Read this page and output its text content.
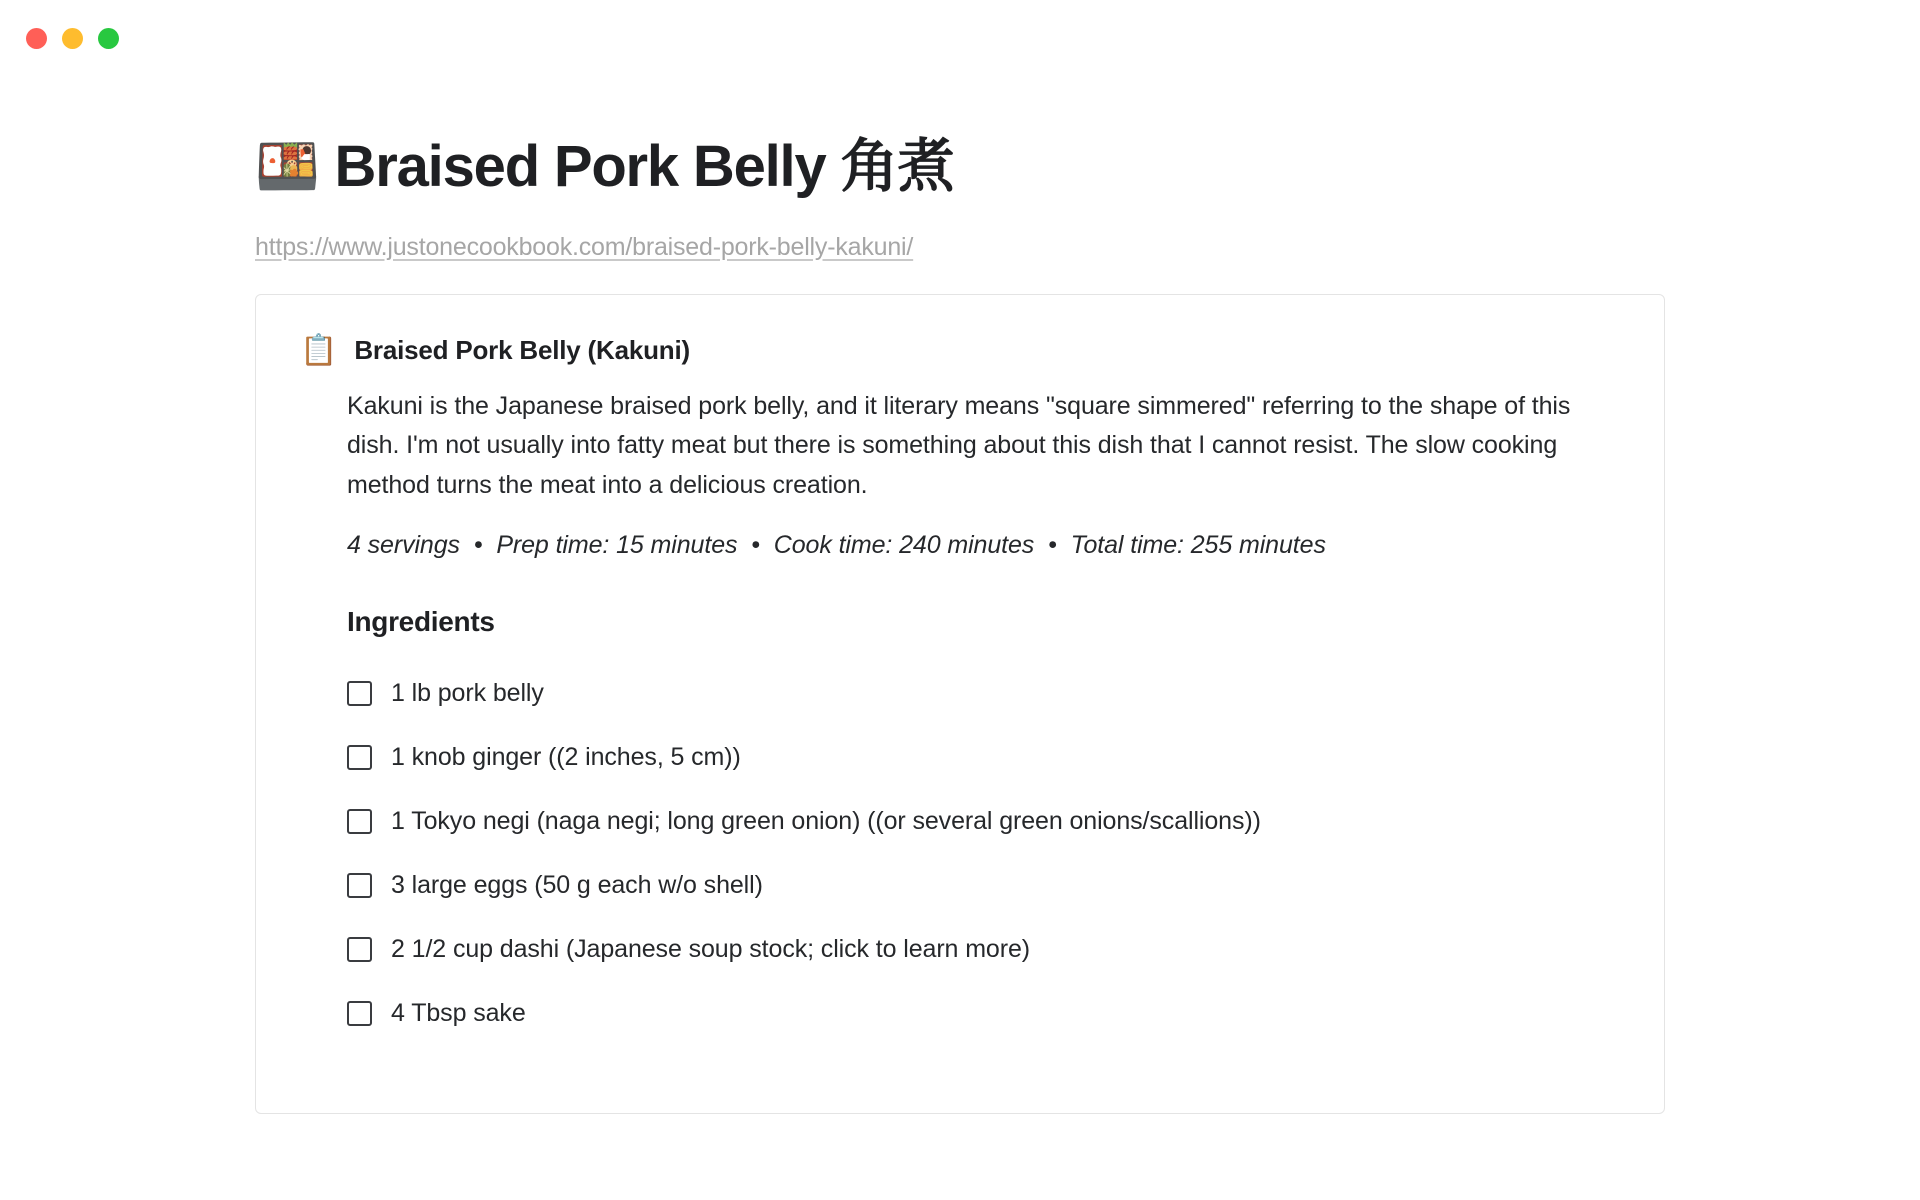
🍱 Braised Pork Belly 角煮
https://www.justonecookbook.com/braised-pork-belly-kakuni/
📋 Braised Pork Belly (Kakuni)

Kakuni is the Japanese braised pork belly, and it literary means "square simmered" referring to the shape of this dish. I'm not usually into fatty meat but there is something about this dish that I cannot resist. The slow cooking method turns the meat into a delicious creation.

4 servings • Prep time: 15 minutes • Cook time: 240 minutes • Total time: 255 minutes

Ingredients
1 lb pork belly
1 knob ginger ((2 inches, 5 cm))
1 Tokyo negi (naga negi; long green onion) ((or several green onions/scallions))
3 large eggs (50 g each w/o shell)
2 1/2 cup dashi (Japanese soup stock; click to learn more)
4 Tbsp sake
